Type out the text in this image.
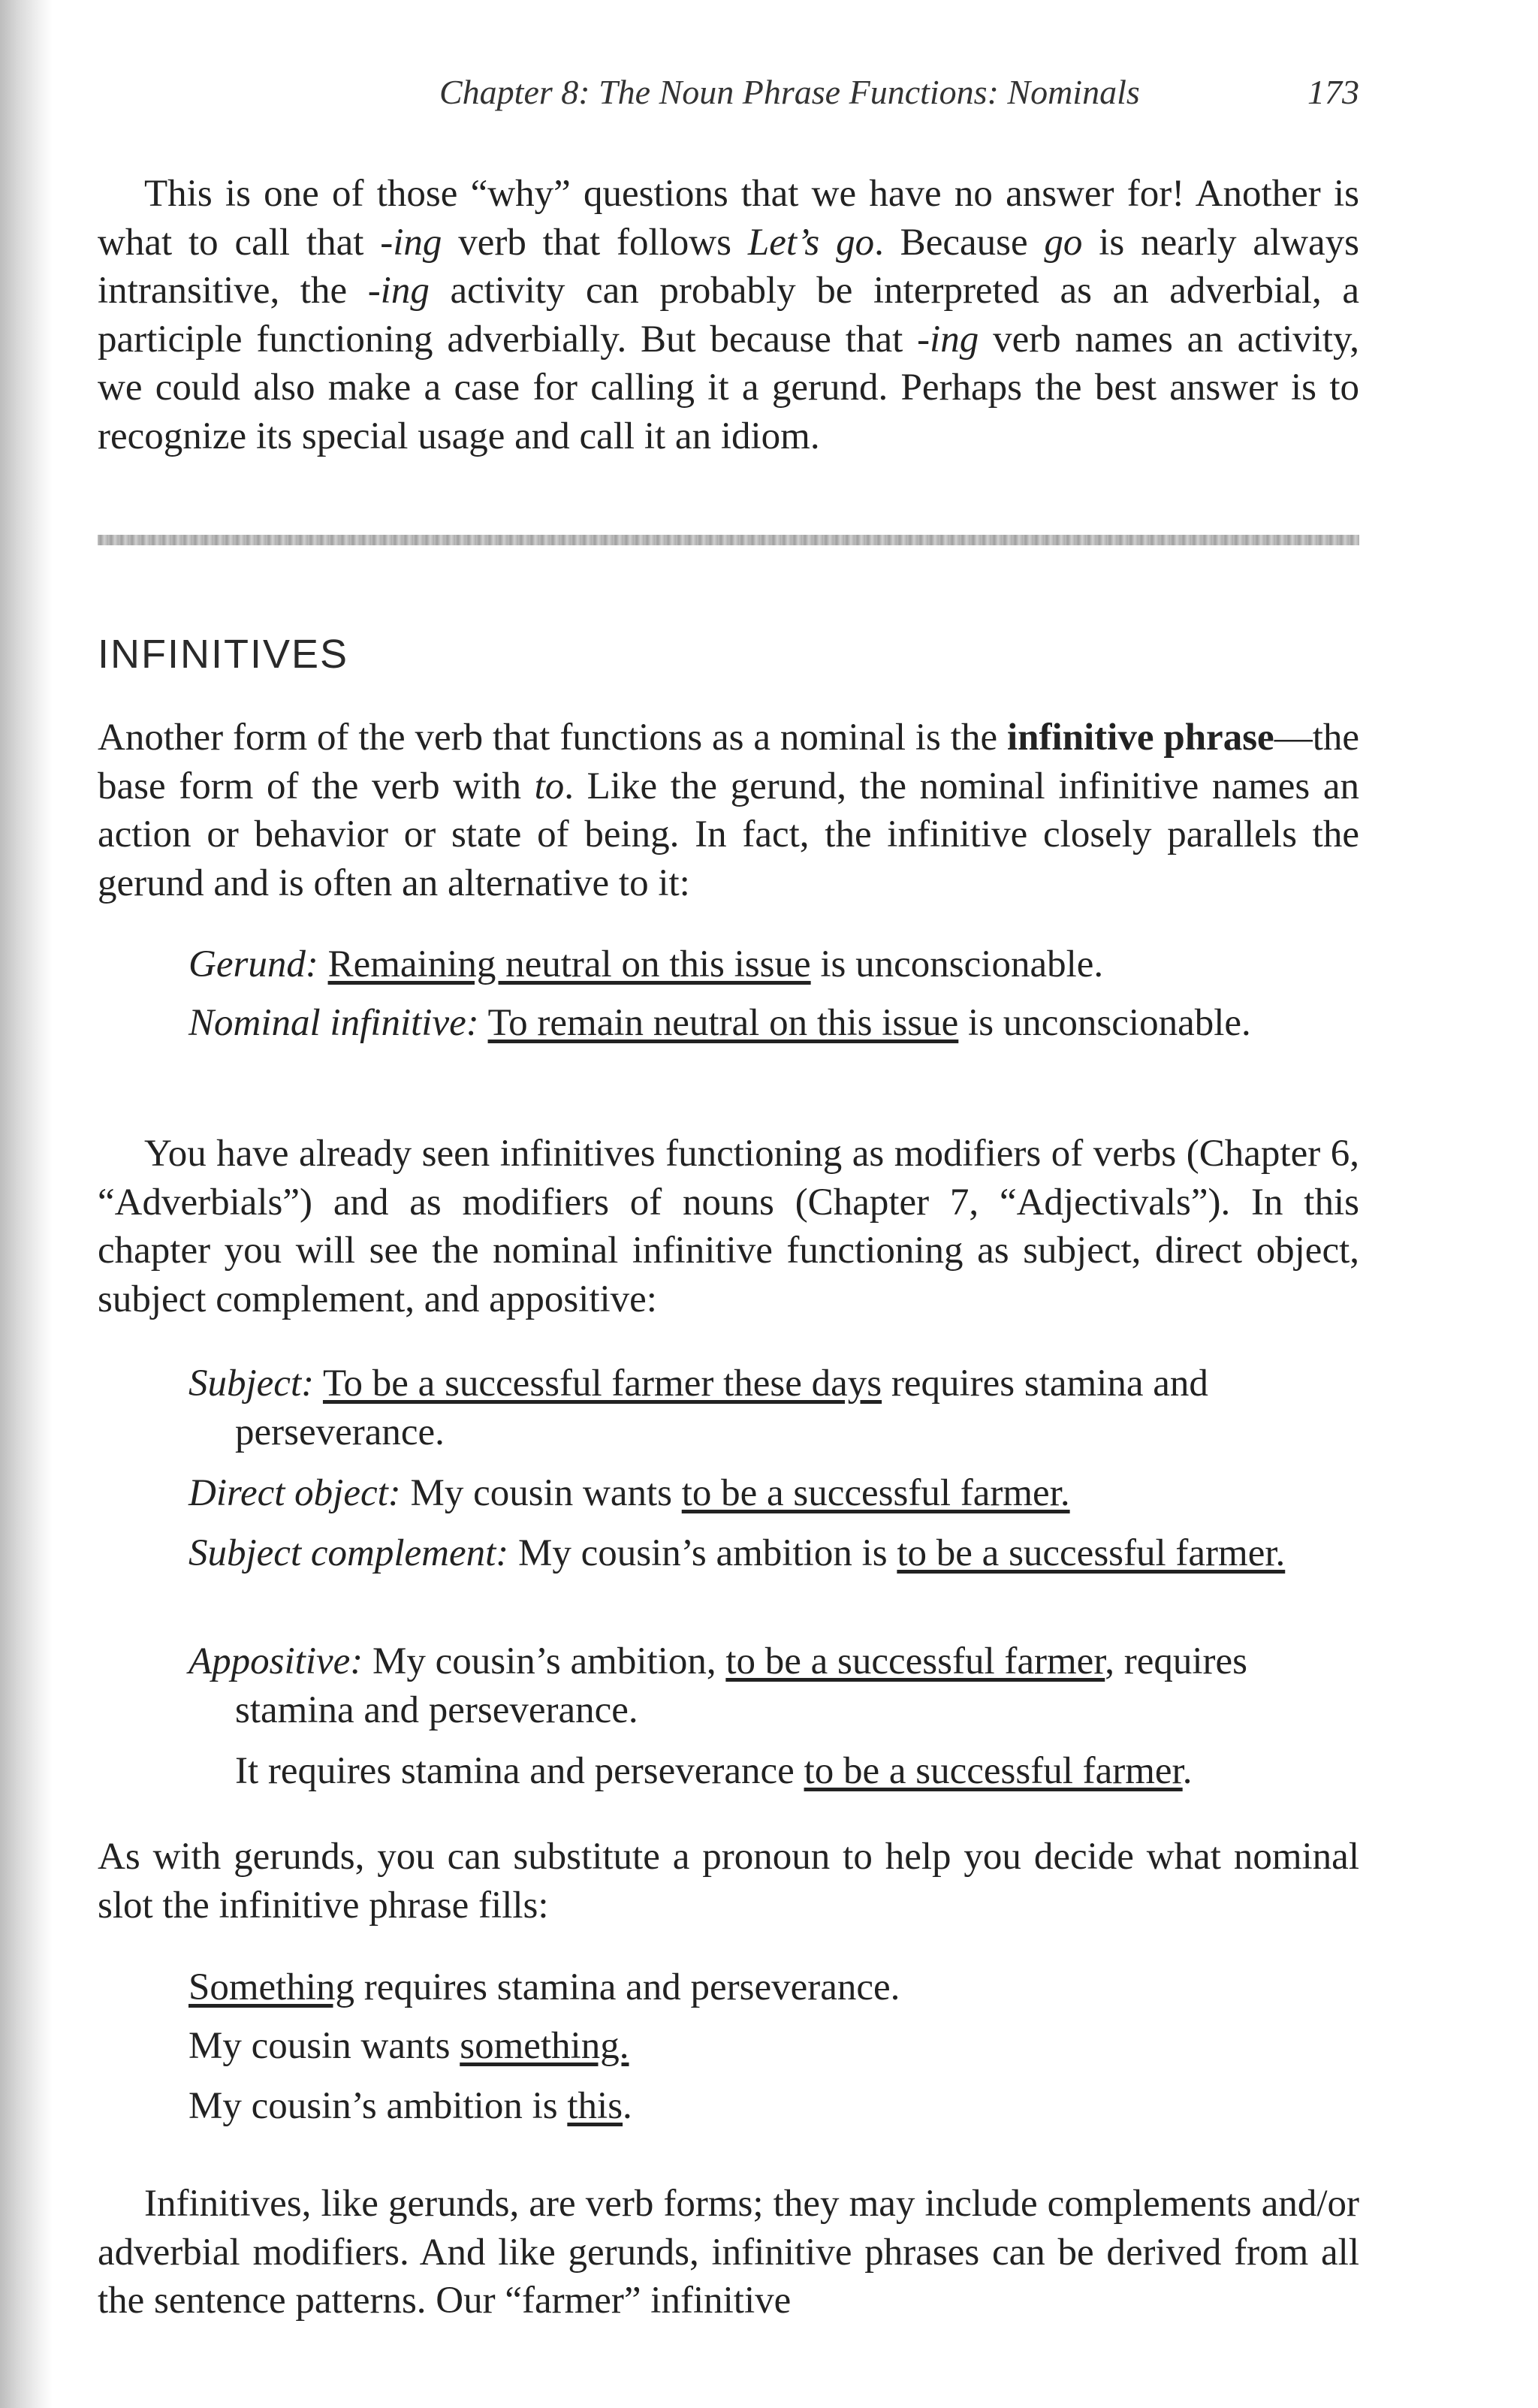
Chapter 8: The Noun Phrase Functions: Nominals	173

This is one of those “why” questions that we have no answer for! Another is what to call that -ing verb that follows Let’s go. Because go is nearly always intransitive, the -ing activity can probably be interpreted as an adverbial, a participle functioning adverbially. But because that -ing verb names an activity, we could also make a case for calling it a gerund. Perhaps the best answer is to recognize its special usage and call it an idiom.

INFINITIVES

Another form of the verb that functions as a nominal is the infinitive phrase—the base form of the verb with to. Like the gerund, the nominal infinitive names an action or behavior or state of being. In fact, the infinitive closely parallels the gerund and is often an alternative to it:

Gerund: Remaining neutral on this issue is unconscionable.
Nominal infinitive: To remain neutral on this issue is unconscionable.

You have already seen infinitives functioning as modifiers of verbs (Chapter 6, “Adverbials”) and as modifiers of nouns (Chapter 7, “Adjectivals”). In this chapter you will see the nominal infinitive functioning as subject, direct object, subject complement, and appositive:

Subject: To be a successful farmer these days requires stamina and perseverance.
Direct object: My cousin wants to be a successful farmer.
Subject complement: My cousin’s ambition is to be a successful farmer.
Appositive: My cousin’s ambition, to be a successful farmer, requires stamina and perseverance.
It requires stamina and perseverance to be a successful farmer.

As with gerunds, you can substitute a pronoun to help you decide what nominal slot the infinitive phrase fills:

Something requires stamina and perseverance.
My cousin wants something.
My cousin’s ambition is this.

Infinitives, like gerunds, are verb forms; they may include complements and/or adverbial modifiers. And like gerunds, infinitive phrases can be derived from all the sentence patterns. Our “farmer” infinitive
